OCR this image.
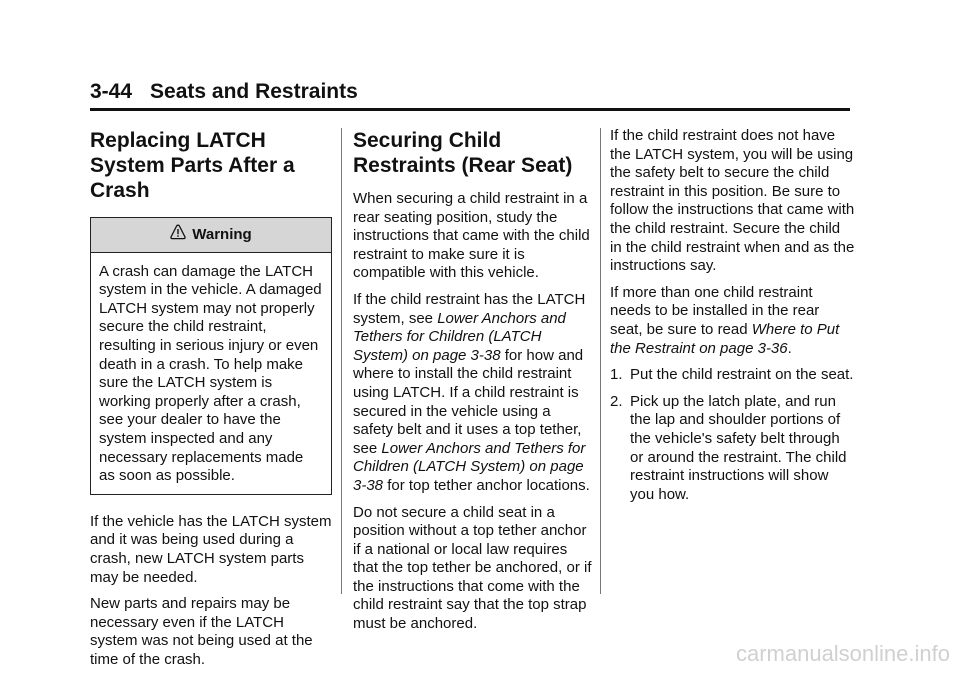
3-44 Seats and Restraints
Replacing LATCH System Parts After a Crash
Warning

A crash can damage the LATCH system in the vehicle. A damaged LATCH system may not properly secure the child restraint, resulting in serious injury or even death in a crash. To help make sure the LATCH system is working properly after a crash, see your dealer to have the system inspected and any necessary replacements made as soon as possible.

If the vehicle has the LATCH system and it was being used during a crash, new LATCH system parts may be needed.

New parts and repairs may be necessary even if the LATCH system was not being used at the time of the crash.

Securing Child Restraints (Rear Seat)

When securing a child restraint in a rear seating position, study the instructions that came with the child restraint to make sure it is compatible with this vehicle.

If the child restraint has the LATCH system, see Lower Anchors and Tethers for Children (LATCH System) on page 3-38 for how and where to install the child restraint using LATCH. If a child restraint is secured in the vehicle using a safety belt and it uses a top tether, see Lower Anchors and Tethers for Children (LATCH System) on page 3-38 for top tether anchor locations.

Do not secure a child seat in a position without a top tether anchor if a national or local law requires that the top tether be anchored, or if the instructions that come with the child restraint say that the top strap must be anchored.

If the child restraint does not have the LATCH system, you will be using the safety belt to secure the child restraint in this position. Be sure to follow the instructions that came with the child restraint. Secure the child in the child restraint when and as the instructions say.

If more than one child restraint needs to be installed in the rear seat, be sure to read Where to Put the Restraint on page 3-36.

1. Put the child restraint on the seat.
2. Pick up the latch plate, and run the lap and shoulder portions of the vehicle's safety belt through or around the restraint. The child restraint instructions will show you how.
carmanualsonline.info
